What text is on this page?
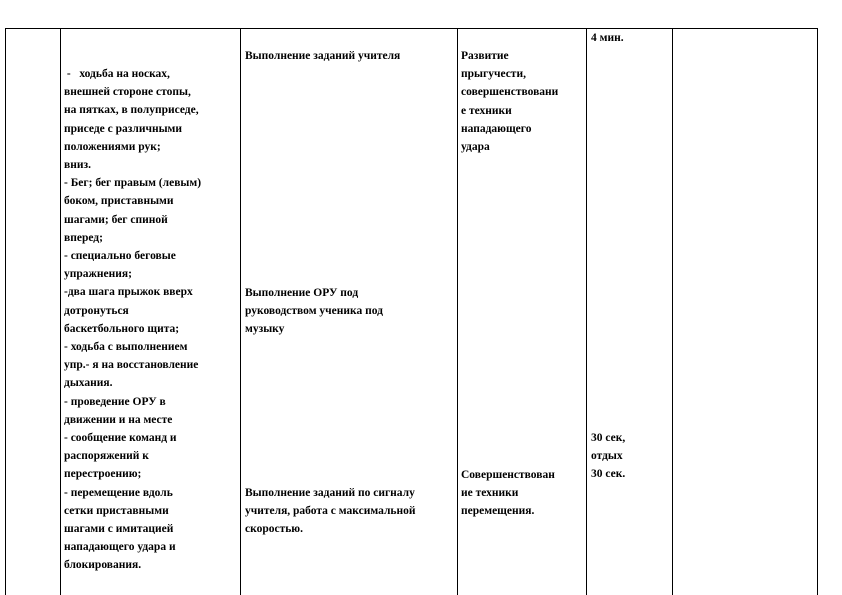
-   ходьба на носках,
внешней стороне стопы,
на пятках, в полуприседе,
приседе с различными
положениями рук;
вниз.
- Бег; бег правым (левым)
боком, приставными
шагами; бег спиной
вперед;
- специально беговые
упражнения;
-два шага прыжок вверх
дотронуться
баскетбольного щита;
- ходьба с выполнением
упр.- я на восстановление
дыхания.
- проведение ОРУ в
движении и на месте
- сообщение команд и
распоряжений к
перестроению;
- перемещение вдоль
сетки приставными
шагами с имитацией
нападающего удара и
блокирования.
Выполнение заданий учителя
Выполнение ОРУ под
руководством ученика под
музыку
Выполнение заданий по сигналу
учителя, работа с максимальной
скоростью.
Развитие
прыгучести,
совершенствовани
е техники
нападающего
удара
Совершенствован
ие техники
перемещения.
4 мин.
30 сек,
отдых
30 сек.
